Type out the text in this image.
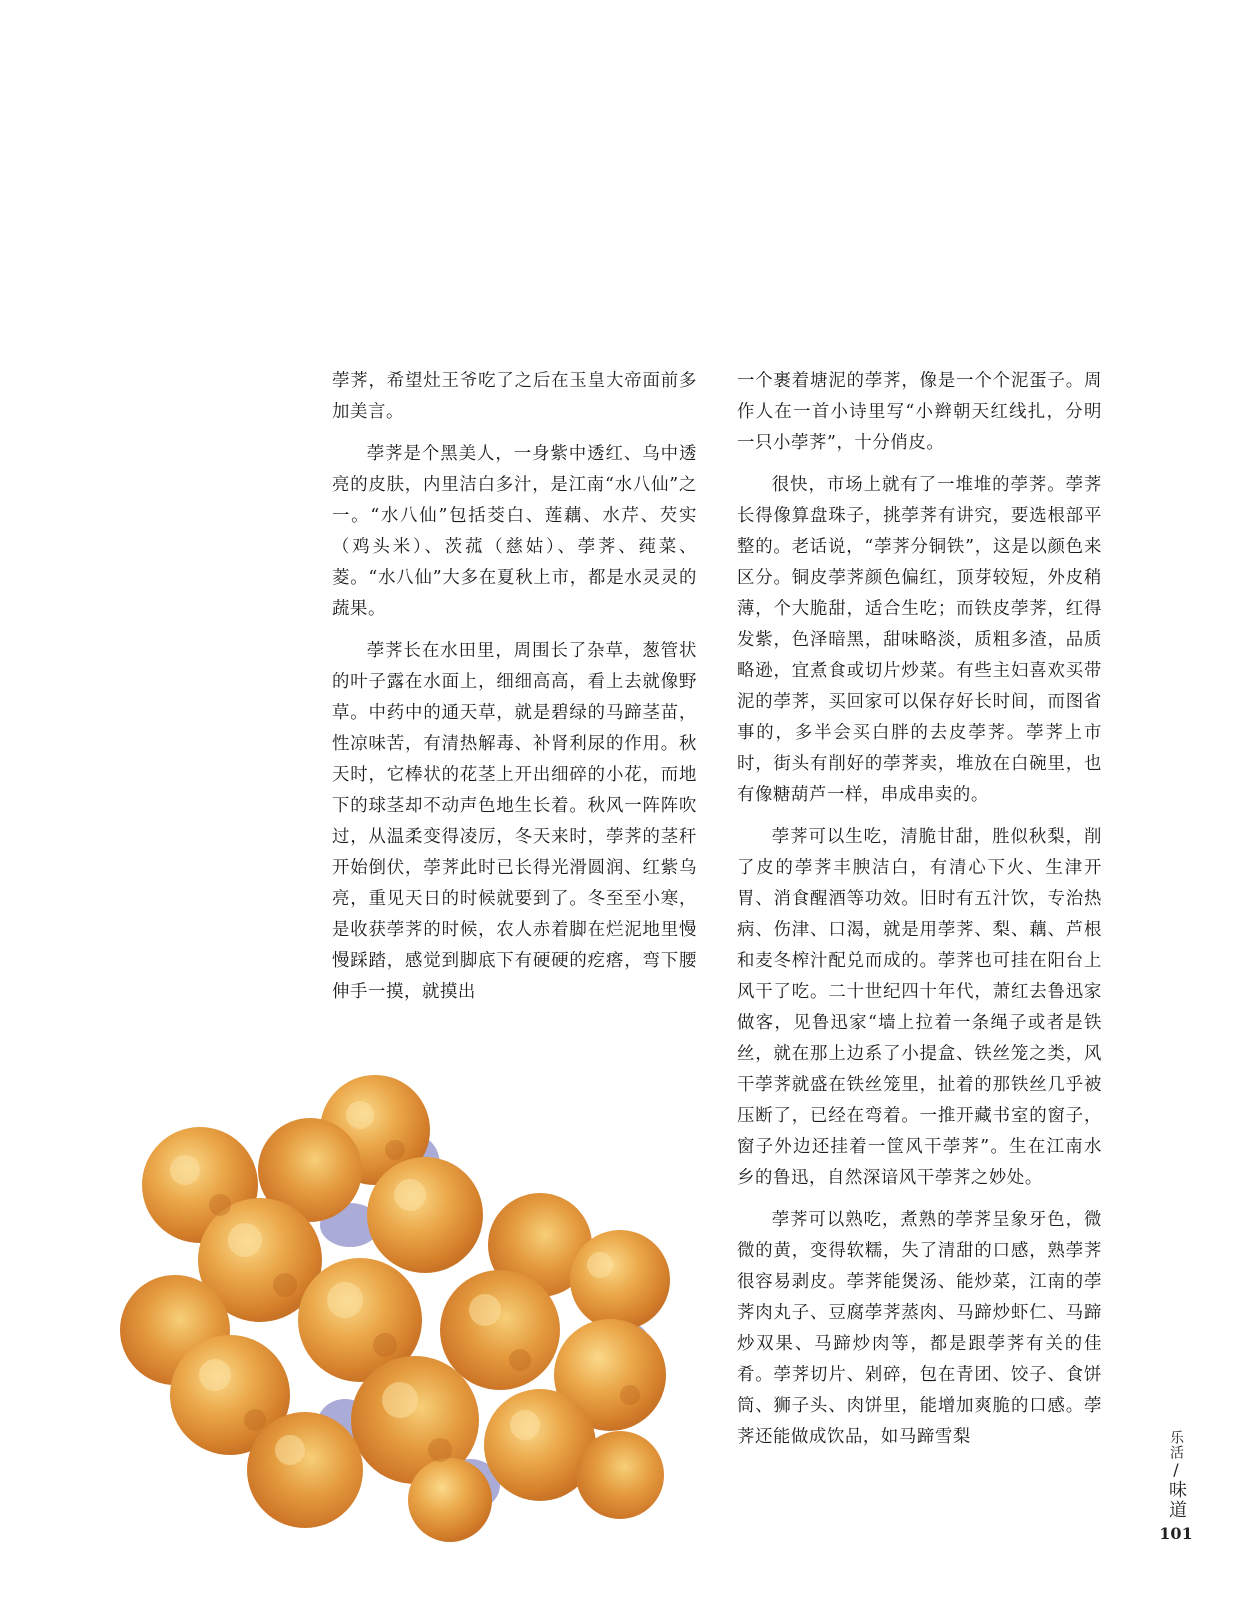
荸荠，希望灶王爷吃了之后在玉皇大帝面前多加美言。

荸荠是个黑美人，一身紫中透红、乌中透亮的皮肤，内里洁白多汁，是江南“水八仙”之一。“水八仙”包括茭白、莲藕、水芹、芡实（鸡头米）、茨菰（慈姑）、荸荠、莼菜、菱。“水八仙”大多在夏秋上市，都是水灵灵的蔬果。

荸荠长在水田里，周围长了杂草，葱管状的叶子露在水面上，细细高高，看上去就像野草。中药中的通天草，就是碧绿的马蹄茎苗，性凉味苦，有清热解毒、补肾利尿的作用。秋天时，它棒状的花茎上开出细碎的小花，而地下的球茎却不动声色地生长着。秋风一阵阵吹过，从温柔变得凌厉，冬天来时，荸荠的茎秆开始倒伏，荸荠此时已长得光滑圆润、红紫乌亮，重见天日的时候就要到了。冬至至小寒，是收获荸荠的时候，农人赤着脚在烂泥地里慢慢踩踏，感觉到脚底下有硬硬的疙瘩，弯下腰伸手一摸，就摸出

一个裹着塘泥的荸荠，像是一个个泥蛋子。周作人在一首小诗里写“小辫朝天红线扎，分明一只小荸荠”，十分俏皮。

很快，市场上就有了一堆堆的荸荠。荸荠长得像算盘珠子，挑荸荠有讲究，要选根部平整的。老话说，“荸荠分铜铁”，这是以颜色来区分。铜皮荸荠颜色偏红，顶芽较短，外皮稍薄，个大脆甜，适合生吃；而铁皮荸荠，红得发紫，色泽暗黑，甜味略淡，质粗多渣，品质略逊，宜煮食或切片炒菜。有些主妇喜欢买带泥的荸荠，买回家可以保存好长时间，而图省事的，多半会买白胖的去皮荸荠。荸荠上市时，街头有削好的荸荠卖，堆放在白碗里，也有像糖葫芦一样，串成串卖的。

荸荠可以生吃，清脆甘甜，胜似秋梨，削了皮的荸荠丰腴洁白，有清心下火、生津开胃、消食醒酒等功效。旧时有五汁饮，专治热病、伤津、口渴，就是用荸荠、梨、藕、芦根和麦冬榨汁配兑而成的。荸荠也可挂在阳台上风干了吃。二十世纪四十年代，萧红去鲁迅家做客，见鲁迅家“墙上拉着一条绳子或者是铁丝，就在那上边系了小提盒、铁丝笼之类，风干荸荠就盛在铁丝笼里，扯着的那铁丝几乎被压断了，已经在弯着。一推开藏书室的窗子，窗子外边还挂着一筐风干荸荠”。生在江南水乡的鲁迅，自然深谙风干荸荠之妙处。

荸荠可以熟吃，煮熟的荸荠呈象牙色，微微的黄，变得软糯，失了清甜的口感，熟荸荠很容易剥皮。荸荠能煲汤、能炒菜，江南的荸荠肉丸子、豆腐荸荠蒸肉、马蹄炒虾仁、马蹄炒双果、马蹄炒肉等，都是跟荸荠有关的佳肴。荸荠切片、剁碎，包在青团、饺子、食饼筒、狮子头、肉饼里，能增加爽脆的口感。荸荠还能做成饮品，如马蹄雪梨	乐活
/
味道
101
